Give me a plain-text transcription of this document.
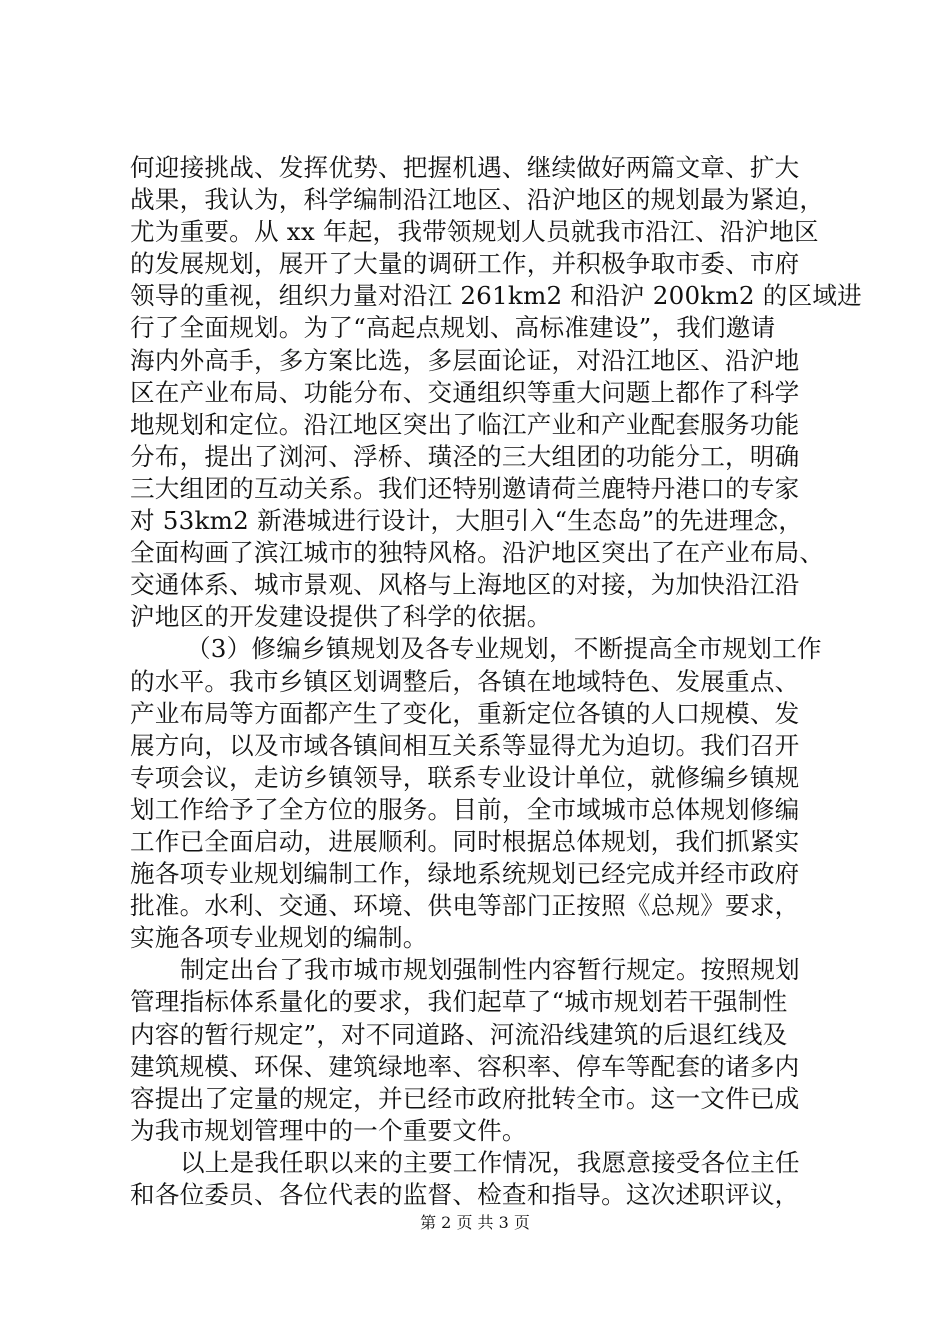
何迎接挑战、发挥优势、把握机遇、继续做好两篇文章、扩大
战果，我认为，科学编制沿江地区、沿沪地区的规划最为紧迫，
尤为重要。从 xx 年起，我带领规划人员就我市沿江、沿沪地区
的发展规划，展开了大量的调研工作，并积极争取市委、市府
领导的重视，组织力量对沿江 261km2 和沿沪 200km2 的区域进
行了全面规划。为了“高起点规划、高标准建设”，我们邀请
海内外高手，多方案比选，多层面论证，对沿江地区、沿沪地
区在产业布局、功能分布、交通组织等重大问题上都作了科学
地规划和定位。沿江地区突出了临江产业和产业配套服务功能
分布，提出了浏河、浮桥、璜泾的三大组团的功能分工，明确
三大组团的互动关系。我们还特别邀请荷兰鹿特丹港口的专家
对 53km2 新港城进行设计，大胆引入“生态岛”的先进理念，
全面构画了滨江城市的独特风格。沿沪地区突出了在产业布局、
交通体系、城市景观、风格与上海地区的对接，为加快沿江沿
沪地区的开发建设提供了科学的依据。
（3）修编乡镇规划及各专业规划，不断提高全市规划工作
的水平。我市乡镇区划调整后，各镇在地域特色、发展重点、
产业布局等方面都产生了变化，重新定位各镇的人口规模、发
展方向，以及市域各镇间相互关系等显得尤为迫切。我们召开
专项会议，走访乡镇领导，联系专业设计单位，就修编乡镇规
划工作给予了全方位的服务。目前，全市域城市总体规划修编
工作已全面启动，进展顺利。同时根据总体规划，我们抓紧实
施各项专业规划编制工作，绿地系统规划已经完成并经市政府
批准。水利、交通、环境、供电等部门正按照《总规》要求，
实施各项专业规划的编制。
制定出台了我市城市规划强制性内容暂行规定。按照规划
管理指标体系量化的要求，我们起草了“城市规划若干强制性
内容的暂行规定”，对不同道路、河流沿线建筑的后退红线及
建筑规模、环保、建筑绿地率、容积率、停车等配套的诸多内
容提出了定量的规定，并已经市政府批转全市。这一文件已成
为我市规划管理中的一个重要文件。
以上是我任职以来的主要工作情况，我愿意接受各位主任
和各位委员、各位代表的监督、检查和指导。这次述职评议，
第 2 页 共 3 页
